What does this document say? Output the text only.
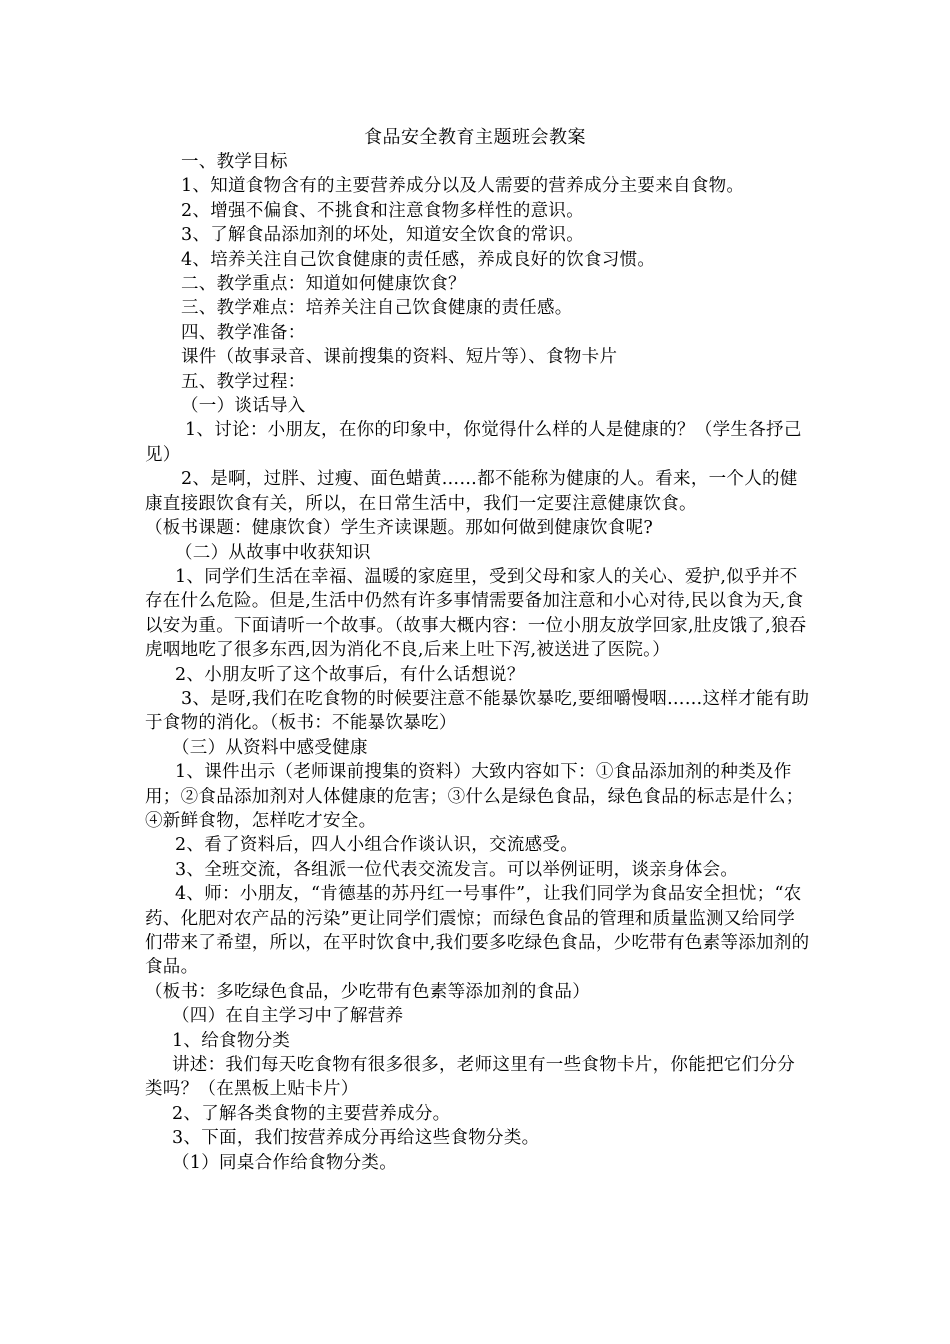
食品安全教育主题班会教案

一、教学目标

1、知道食物含有的主要营养成分以及人需要的营养成分主要来自食物。

2、增强不偏食、不挑食和注意食物多样性的意识。

3、了解食品添加剂的坏处，知道安全饮食的常识。

4、培养关注自己饮食健康的责任感，养成良好的饮食习惯。

二、教学重点：知道如何健康饮食？

三、教学难点：培养关注自己饮食健康的责任感。

四、教学准备：

课件（故事录音、课前搜集的资料、短片等）、食物卡片

五、教学过程：

（一）谈话导入

1、讨论：小朋友，在你的印象中，你觉得什么样的人是健康的？（学生各抒己见）

2、是啊，过胖、过瘦、面色蜡黄……都不能称为健康的人。看来，一个人的健康直接跟饮食有关，所以，在日常生活中，我们一定要注意健康饮食。

（板书课题：健康饮食）学生齐读课题。那如何做到健康饮食呢?

（二）从故事中收获知识

1、同学们生活在幸福、温暖的家庭里，受到父母和家人的关心、爱护,似乎并不存在什么危险。但是,生活中仍然有许多事情需要备加注意和小心对待,民以食为天,食以安为重。下面请听一个故事。（故事大概内容：一位小朋友放学回家,肚皮饿了,狼吞虎咽地吃了很多东西,因为消化不良,后来上吐下泻,被送进了医院。）

2、小朋友听了这个故事后，有什么话想说？

3、是呀,我们在吃食物的时候要注意不能暴饮暴吃,要细嚼慢咽……这样才能有助于食物的消化。（板书：不能暴饮暴吃）

（三）从资料中感受健康

1、课件出示（老师课前搜集的资料）大致内容如下：①食品添加剂的种类及作用；②食品添加剂对人体健康的危害；③什么是绿色食品，绿色食品的标志是什么；④新鲜食物，怎样吃才安全。

2、看了资料后，四人小组合作谈认识，交流感受。

3、全班交流，各组派一位代表交流发言。可以举例证明，谈亲身体会。

4、师：小朋友，“肯德基的苏丹红一号事件”，让我们同学为食品安全担忧；“农药、化肥对农产品的污染”更让同学们震惊；而绿色食品的管理和质量监测又给同学们带来了希望，所以，在平时饮食中,我们要多吃绿色食品，少吃带有色素等添加剂的食品。

（板书：多吃绿色食品，少吃带有色素等添加剂的食品）

（四）在自主学习中了解营养

1、给食物分类

讲述：我们每天吃食物有很多很多，老师这里有一些食物卡片，你能把它们分分类吗？（在黑板上贴卡片）

2、了解各类食物的主要营养成分。

3、下面，我们按营养成分再给这些食物分类。

（1）同桌合作给食物分类。
